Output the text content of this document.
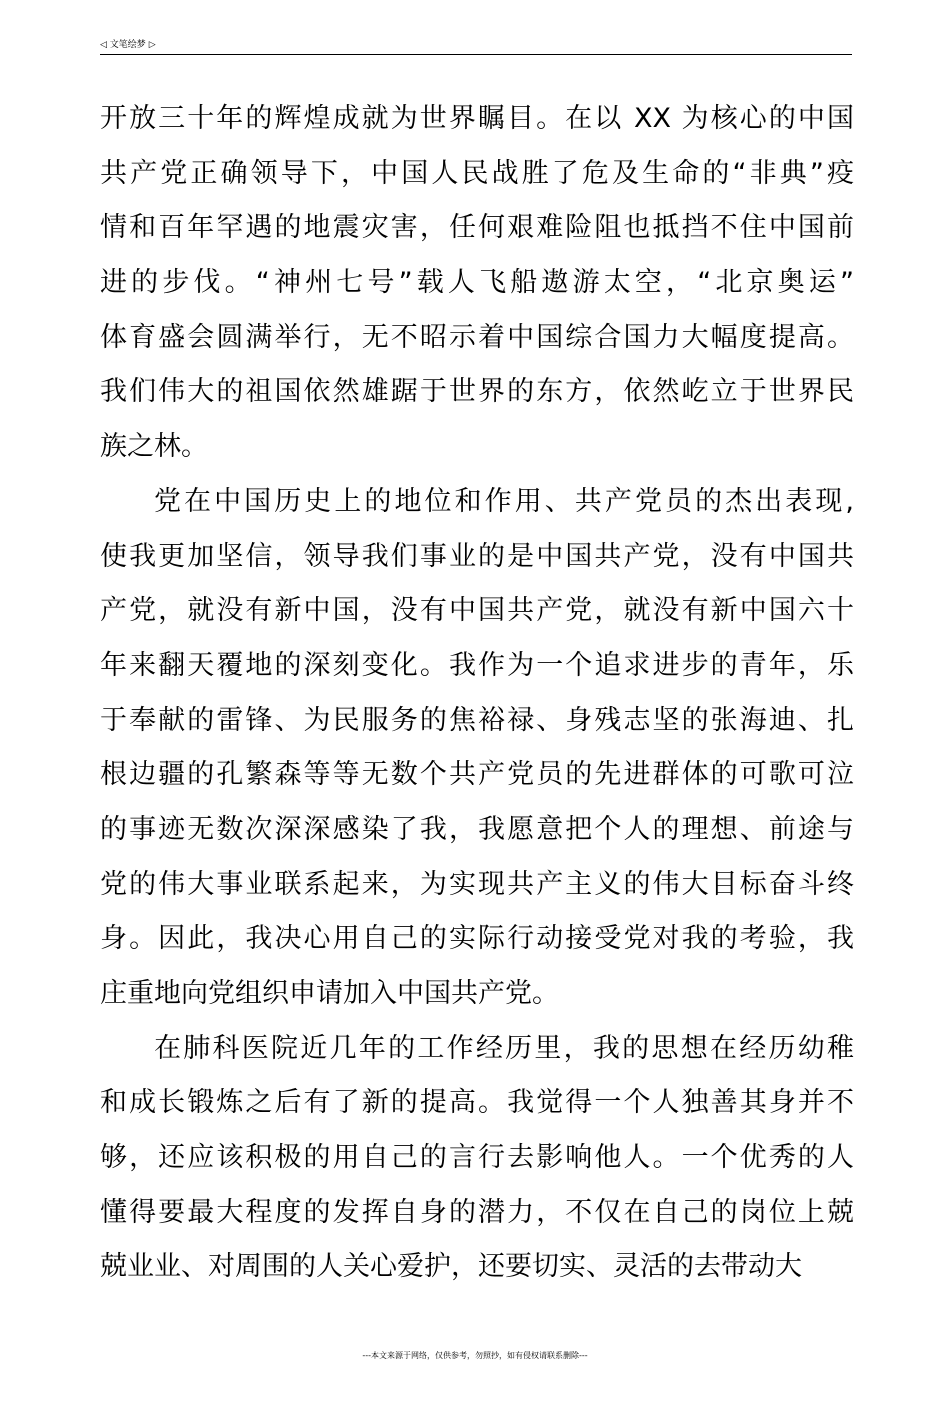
◁ 文笔绘梦 ▷
开放三十年的辉煌成就为世界瞩目。在以 XX 为核心的中国
共产党正确领导下，中国人民战胜了危及生命的“非典”疫
情和百年罕遇的地震灾害，任何艰难险阻也抵挡不住中国前
进的步伐。“神州七号”载人飞船遨游太空，“北京奥运”
体育盛会圆满举行，无不昭示着中国综合国力大幅度提高。
我们伟大的祖国依然雄踞于世界的东方，依然屹立于世界民
族之林。
党在中国历史上的地位和作用、共产党员的杰出表现,
使我更加坚信，领导我们事业的是中国共产党，没有中国共
产党，就没有新中国，没有中国共产党，就没有新中国六十
年来翻天覆地的深刻变化。我作为一个追求进步的青年，乐
于奉献的雷锋、为民服务的焦裕禄、身残志坚的张海迪、扎
根边疆的孔繁森等等无数个共产党员的先进群体的可歌可泣
的事迹无数次深深感染了我，我愿意把个人的理想、前途与
党的伟大事业联系起来，为实现共产主义的伟大目标奋斗终
身。因此，我决心用自己的实际行动接受党对我的考验，我
庄重地向党组织申请加入中国共产党。
在肺科医院近几年的工作经历里，我的思想在经历幼稚
和成长锻炼之后有了新的提高。我觉得一个人独善其身并不
够，还应该积极的用自己的言行去影响他人。一个优秀的人
懂得要最大程度的发挥自身的潜力，不仅在自己的岗位上兢
兢业业、对周围的人关心爱护，还要切实、灵活的去带动大
---本文来源于网络，仅供参考，勿照抄，如有侵权请联系删除---
